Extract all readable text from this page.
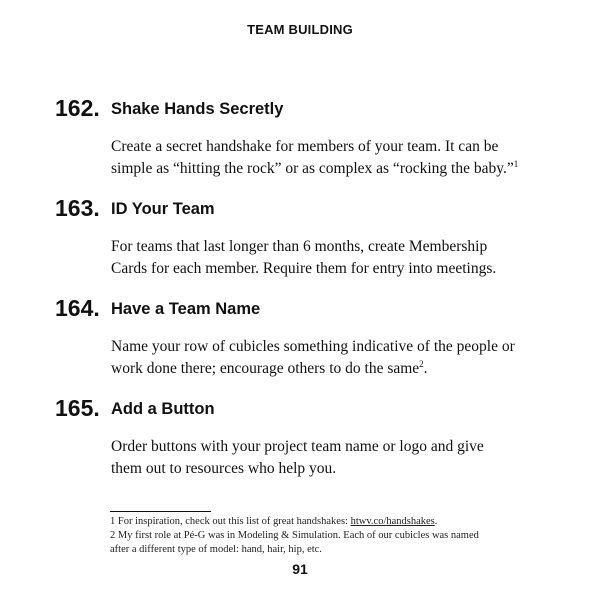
TEAM BUILDING
162. Shake Hands Secretly
Create a secret handshake for members of your team. It can be
simple as “hitting the rock” or as complex as “rocking the baby.”$^1$
163. ID Your Team
For teams that last longer than 6 months, create Membership
Cards for each member. Require them for entry into meetings.
164. Have a Team Name
Name your row of cubicles something indicative of the people or
work done there; encourage others to do the same$^2$.
165. Add a Button
Order buttons with your project team name or logo and give
them out to resources who help you.
1 For inspiration, check out this list of great handshakes: htwv.co/handshakes.
2 My first role at Pé-G was in Modeling & Simulation. Each of our cubicles was named
after a different type of model: hand, hair, hip, etc.
91
